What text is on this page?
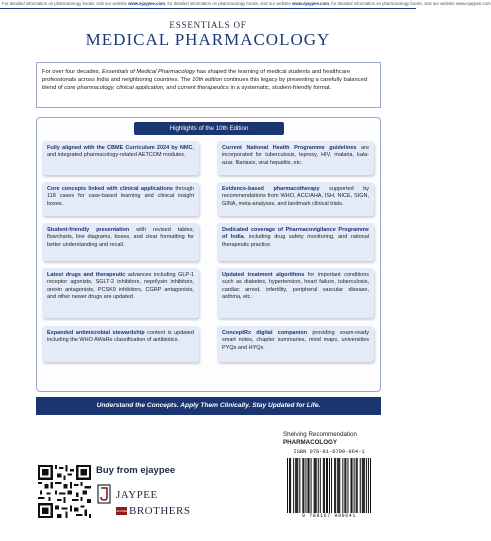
For detailed information on pharmacology books, visit our website www.ejaypee.com, for detailed information on pharmacology books, visit our website www.ejaypee.com, for detailed information on pharmacology books, visit our website www.ejaypee.com
ESSENTIALS OF
MEDICAL PHARMACOLOGY
For over four decades, Essentials of Medical Pharmacology has shaped the learning of medical students and healthcare professionals across India and neighboring countries. The 10th edition continues this legacy by presenting a carefully balanced blend of core pharmacology, clinical application, and current therapeutics in a systematic, student-friendly format.
Highlights of the 10th Edition
Fully aligned with the CBME Curriculum 2024 by NMC, and integrated pharmacology-related AETCOM modules.
Current National Health Programme guidelines are incorporated for tuberculosis, leprosy, HIV, malaria, kala-azar, filariasis, viral hepatitis, etc.
Core concepts linked with clinical applications through 118 cases for case-based learning and clinical insight boxes.
Evidence-based pharmacotherapy supported by recommendations from WHO, ACC/AHA, ISH, NICE, SIGN, GINA, meta-analyses, and landmark clinical trials.
Student-friendly presentation with revised tables, flowcharts, line diagrams, boxes, and clear formatting for better understanding and recall.
Dedicated coverage of Pharmacovigilance Programme of India, including drug safety monitoring, and rational therapeutic practice.
Latest drugs and therapeutic advances including GLP-1 receptor agonists, SGLT-2 inhibitors, neprilysin inhibitors, orexin antagonists, PCSK9 inhibitors, CGRP antagonists, and other newer drugs are updated.
Updated treatment algorithms for important conditions such as diabetes, hypertension, heart failure, tuberculosis, cardiac arrest, infertility, peripheral vascular disease, asthma, etc.
Expanded antimicrobial stewardship content is updated including the WHO AWaRe classification of antibiotics.
ConceptRx digital companion providing exam-ready smart notes, chapter summaries, mind maps, universities PYQs and HYQs.
Understand the Concepts. Apply Them Clinically. Stay Updated for Life.
Shelving Recommendation
PHARMACOLOGY
Buy from ejaypee
JAYPEE
JAYPEE BROTHERS
ISBN 978-81-6799-964-1
9 788167 999641
